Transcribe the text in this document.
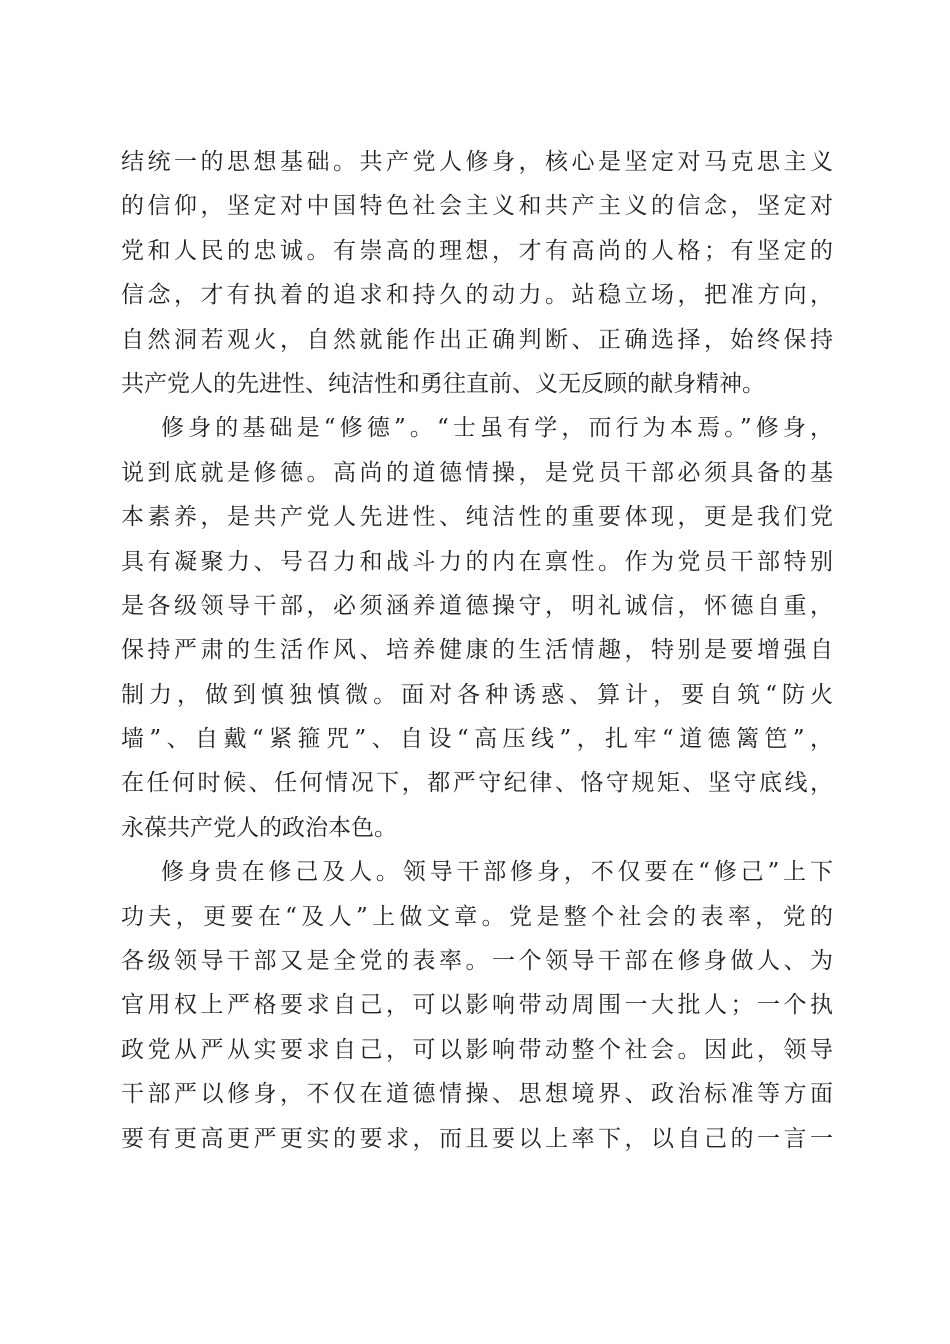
结统一的思想基础。共产党人修身，核心是坚定对马克思主义
的信仰，坚定对中国特色社会主义和共产主义的信念，坚定对
党和人民的忠诚。有崇高的理想，才有高尚的人格；有坚定的
信念，才有执着的追求和持久的动力。站稳立场，把准方向，
自然洞若观火，自然就能作出正确判断、正确选择，始终保持
共产党人的先进性、纯洁性和勇往直前、义无反顾的献身精神。
修身的基础是“修德”。“士虽有学，而行为本焉。”修身，
说到底就是修德。高尚的道德情操，是党员干部必须具备的基
本素养，是共产党人先进性、纯洁性的重要体现，更是我们党
具有凝聚力、号召力和战斗力的内在禀性。作为党员干部特别
是各级领导干部，必须涵养道德操守，明礼诚信，怀德自重，
保持严肃的生活作风、培养健康的生活情趣，特别是要增强自
制力，做到慎独慎微。面对各种诱惑、算计，要自筑“防火
墙”、自戴“紧箍咒”、自设“高压线”，扎牢“道德篱笆”，
在任何时候、任何情况下，都严守纪律、恪守规矩、坚守底线，
永葆共产党人的政治本色。
修身贵在修己及人。领导干部修身，不仅要在“修己”上下
功夫，更要在“及人”上做文章。党是整个社会的表率，党的
各级领导干部又是全党的表率。一个领导干部在修身做人、为
官用权上严格要求自己，可以影响带动周围一大批人；一个执
政党从严从实要求自己，可以影响带动整个社会。因此，领导
干部严以修身，不仅在道德情操、思想境界、政治标准等方面
要有更高更严更实的要求，而且要以上率下，以自己的一言一
